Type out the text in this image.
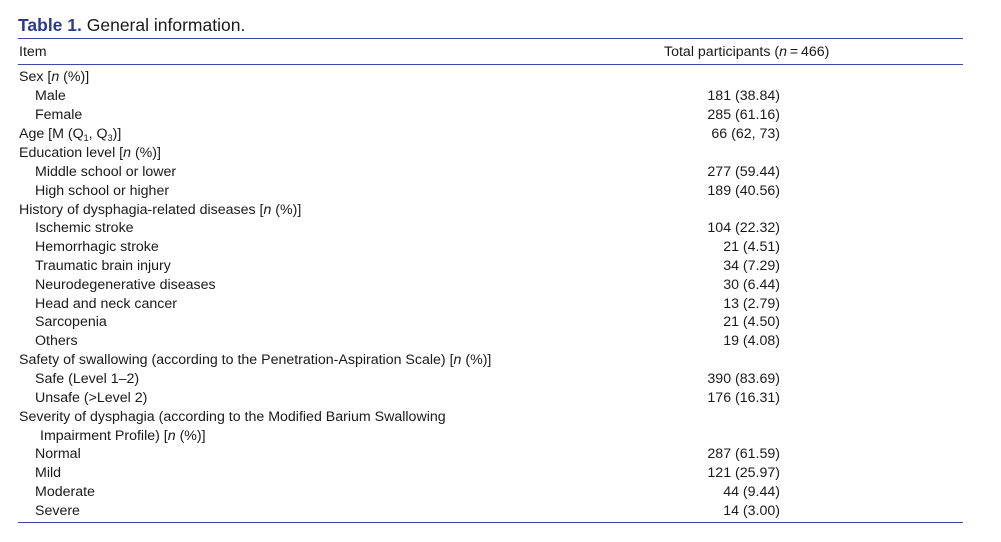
Table 1. General information.
Item	Total participants (n = 466)
Sex [n (%)]
Male	181 (38.84)
Female	285 (61.16)
Age [M ($Q_1$, $Q_3$)]	66 (62, 73)
Education level [n (%)]
Middle school or lower	277 (59.44)
High school or higher	189 (40.56)
History of dysphagia-related diseases [n (%)]
Ischemic stroke	104 (22.32)
Hemorrhagic stroke	21 (4.51)
Traumatic brain injury	34 (7.29)
Neurodegenerative diseases	30 (6.44)
Head and neck cancer	13 (2.79)
Sarcopenia	21 (4.50)
Others	19 (4.08)
Safety of swallowing (according to the Penetration-Aspiration Scale) [n (%)]
Safe (Level 1–2)	390 (83.69)
Unsafe (>Level 2)	176 (16.31)
Severity of dysphagia (according to the Modified Barium Swallowing
Impairment Profile) [n (%)]
Normal	287 (61.59)
Mild	121 (25.97)
Moderate	44 (9.44)
Severe	14 (3.00)
